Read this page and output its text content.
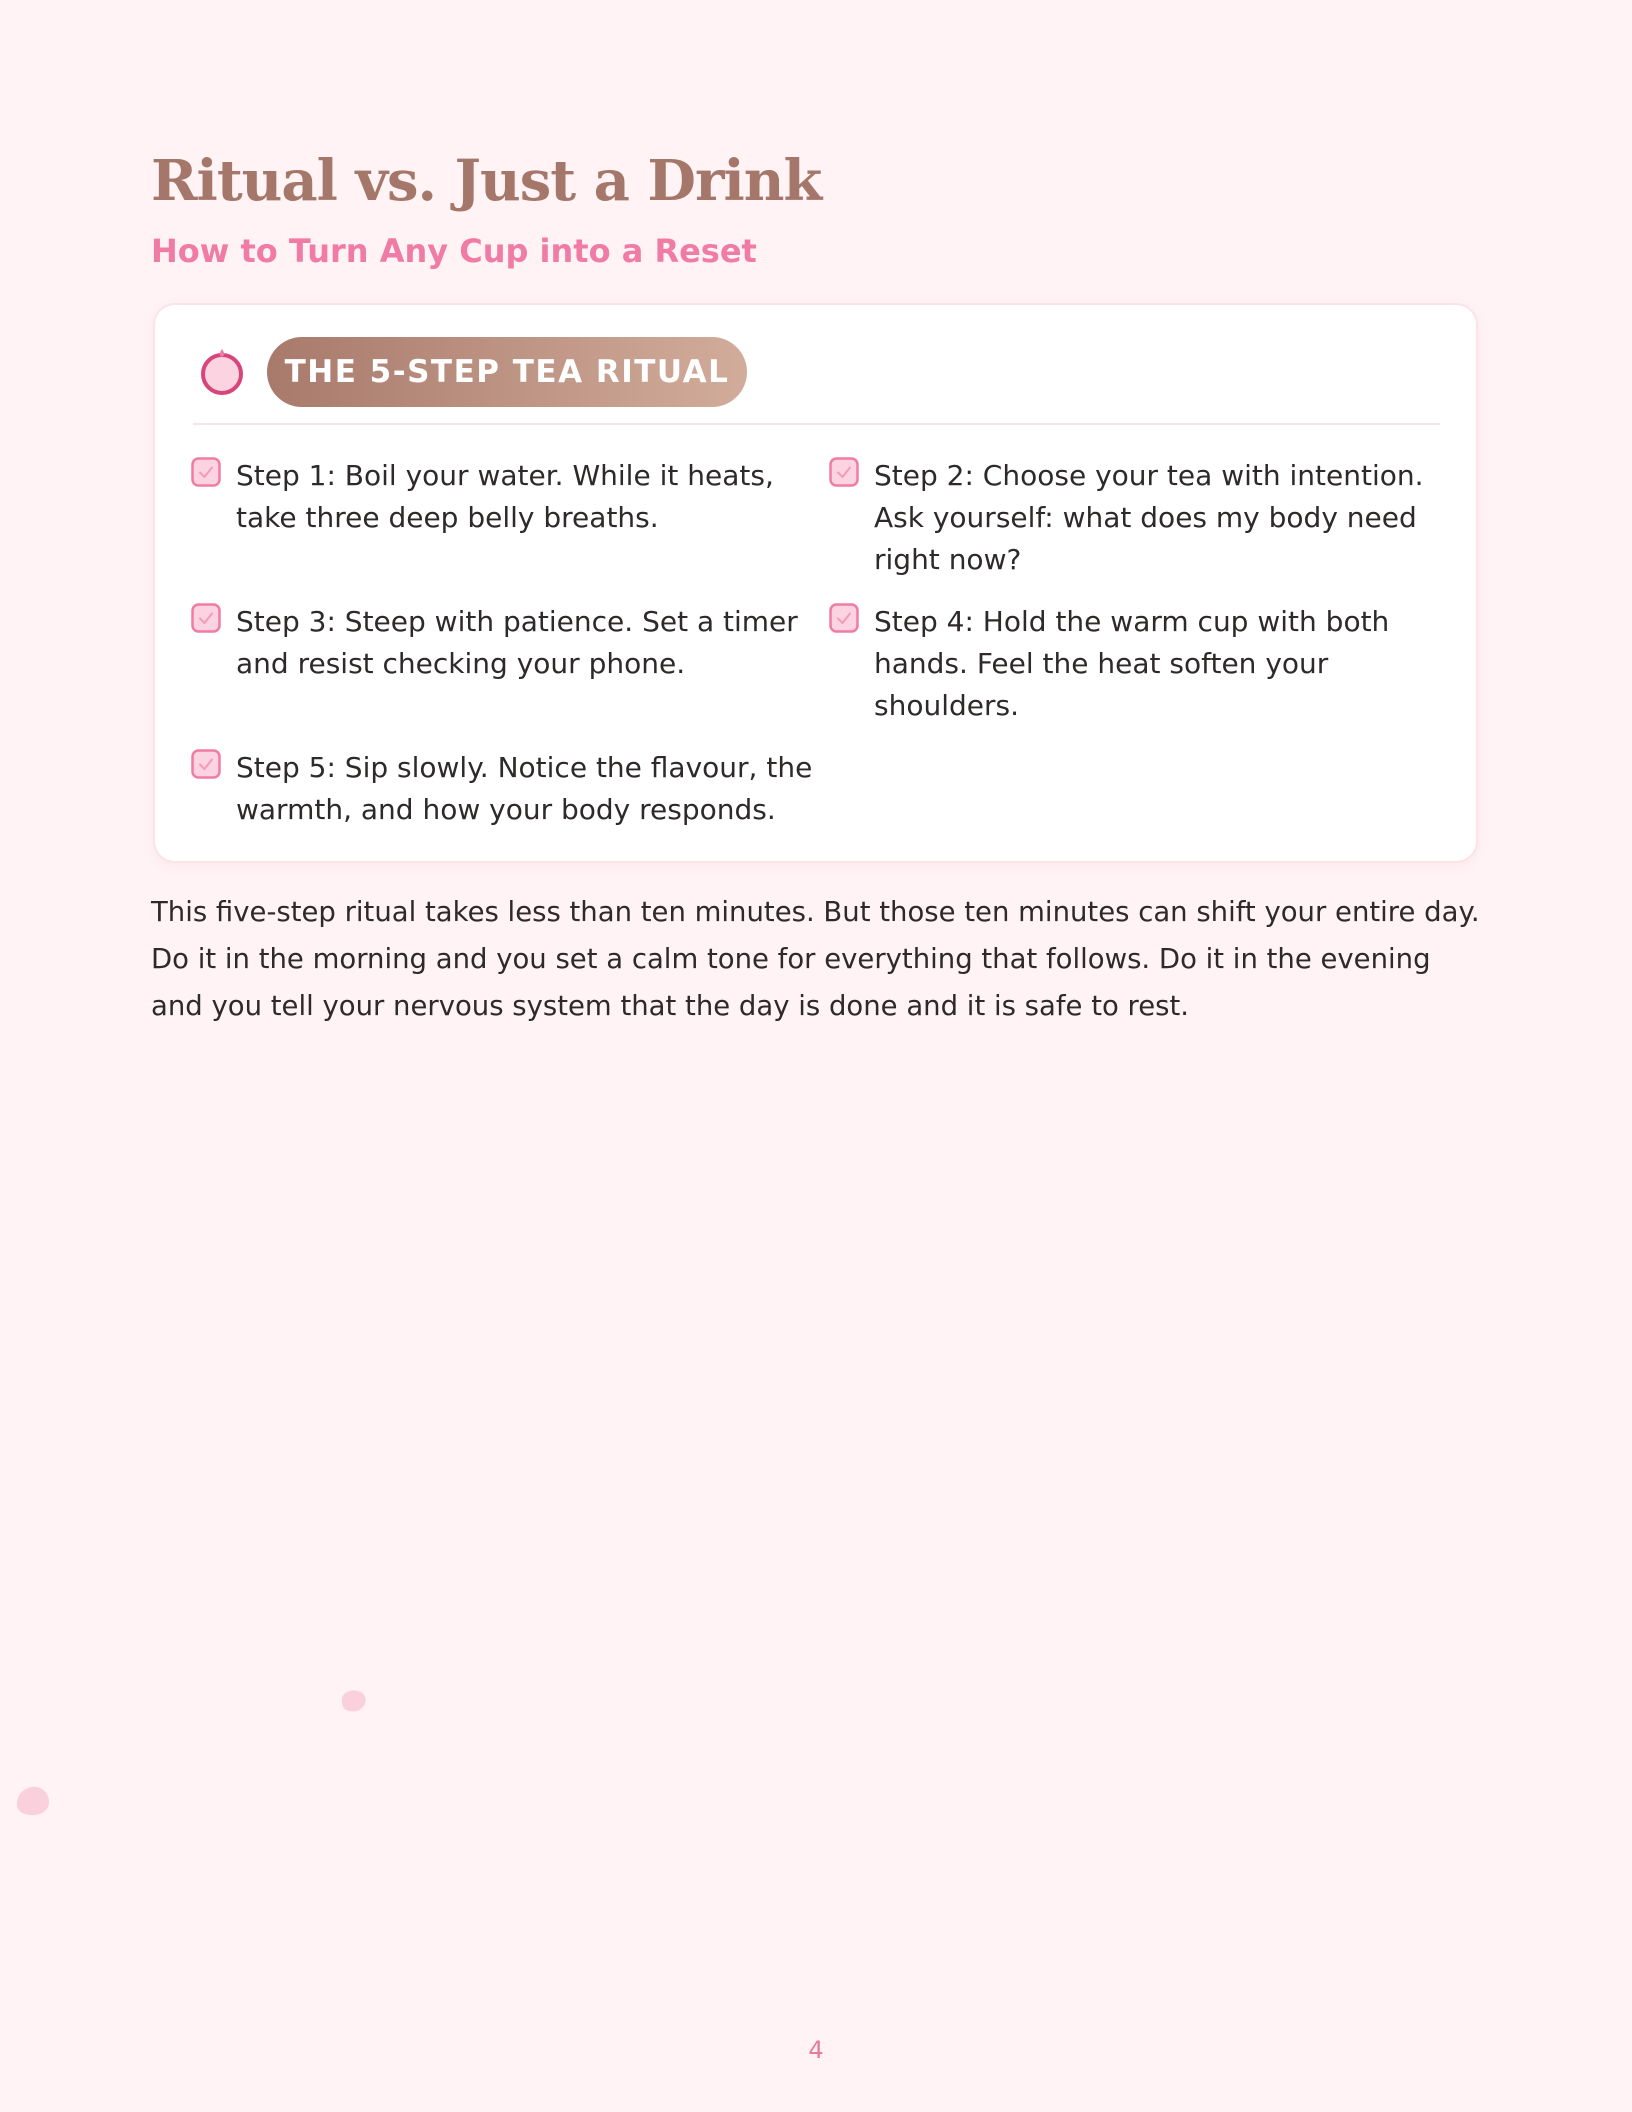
Ritual vs. Just a Drink
How to Turn Any Cup into a Reset
THE 5-STEP TEA RITUAL
Step 1: Boil your water. While it heats, take three deep belly breaths.
Step 2: Choose your tea with intention. Ask yourself: what does my body need right now?
Step 3: Steep with patience. Set a timer and resist checking your phone.
Step 4: Hold the warm cup with both hands. Feel the heat soften your shoulders.
Step 5: Sip slowly. Notice the flavour, the warmth, and how your body responds.

This five-step ritual takes less than ten minutes. But those ten minutes can shift your entire day. Do it in the morning and you set a calm tone for everything that follows. Do it in the evening and you tell your nervous system that the day is done and it is safe to rest.

4
